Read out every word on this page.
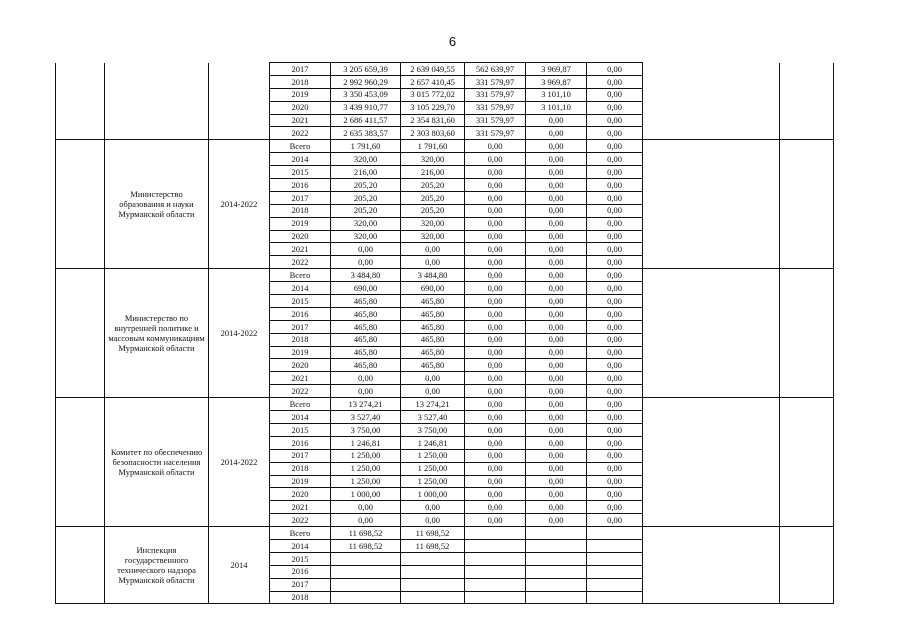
6
			2017	3 205 659,39	2 639 049,55	562 639,97	3 969,87	0,00		
			2018	2 992 960,29	2 657 410,45	331 579,97	3 969,87	0,00		
			2019	3 350 453,09	3 015 772,02	331 579,97	3 101,10	0,00		
			2020	3 439 910,77	3 105 229,70	331 579,97	3 101,10	0,00		
			2021	2 686 411,57	2 354 831,60	331 579,97	0,00	0,00		
			2022	2 635 383,57	2 303 803,60	331 579,97	0,00	0,00		
	Министерство образования и науки Мурманской области	2014-2022	Всего	1 791,60	1 791,60	0,00	0,00	0,00		
			2014	320,00	320,00	0,00	0,00	0,00		
			2015	216,00	216,00	0,00	0,00	0,00		
			2016	205,20	205,20	0,00	0,00	0,00		
			2017	205,20	205,20	0,00	0,00	0,00		
			2018	205,20	205,20	0,00	0,00	0,00		
			2019	320,00	320,00	0,00	0,00	0,00		
			2020	320,00	320,00	0,00	0,00	0,00		
			2021	0,00	0,00	0,00	0,00	0,00		
			2022	0,00	0,00	0,00	0,00	0,00		
	Министерство по внутренней политике и массовым коммуникациям Мурманской области	2014-2022	Всего	3 484,80	3 484,80	0,00	0,00	0,00		
			2014	690,00	690,00	0,00	0,00	0,00		
			2015	465,80	465,80	0,00	0,00	0,00		
			2016	465,80	465,80	0,00	0,00	0,00		
			2017	465,80	465,80	0,00	0,00	0,00		
			2018	465,80	465,80	0,00	0,00	0,00		
			2019	465,80	465,80	0,00	0,00	0,00		
			2020	465,80	465,80	0,00	0,00	0,00		
			2021	0,00	0,00	0,00	0,00	0,00		
			2022	0,00	0,00	0,00	0,00	0,00		
	Комитет по обеспечению безопасности населения Мурманской области	2014-2022	Всего	13 274,21	13 274,21	0,00	0,00	0,00		
			2014	3 527,40	3 527,40	0,00	0,00	0,00		
			2015	3 750,00	3 750,00	0,00	0,00	0,00		
			2016	1 246,81	1 246,81	0,00	0,00	0,00		
			2017	1 250,00	1 250,00	0,00	0,00	0,00		
			2018	1 250,00	1 250,00	0,00	0,00	0,00		
			2019	1 250,00	1 250,00	0,00	0,00	0,00		
			2020	1 000,00	1 000,00	0,00	0,00	0,00		
			2021	0,00	0,00	0,00	0,00	0,00		
			2022	0,00	0,00	0,00	0,00	0,00		
	Инспекция государственного технического надзора Мурманской области	2014	Всего	11 698,52	11 698,52					
			2014	11 698,52	11 698,52					
			2015							
			2016							
			2017							
			2018							
